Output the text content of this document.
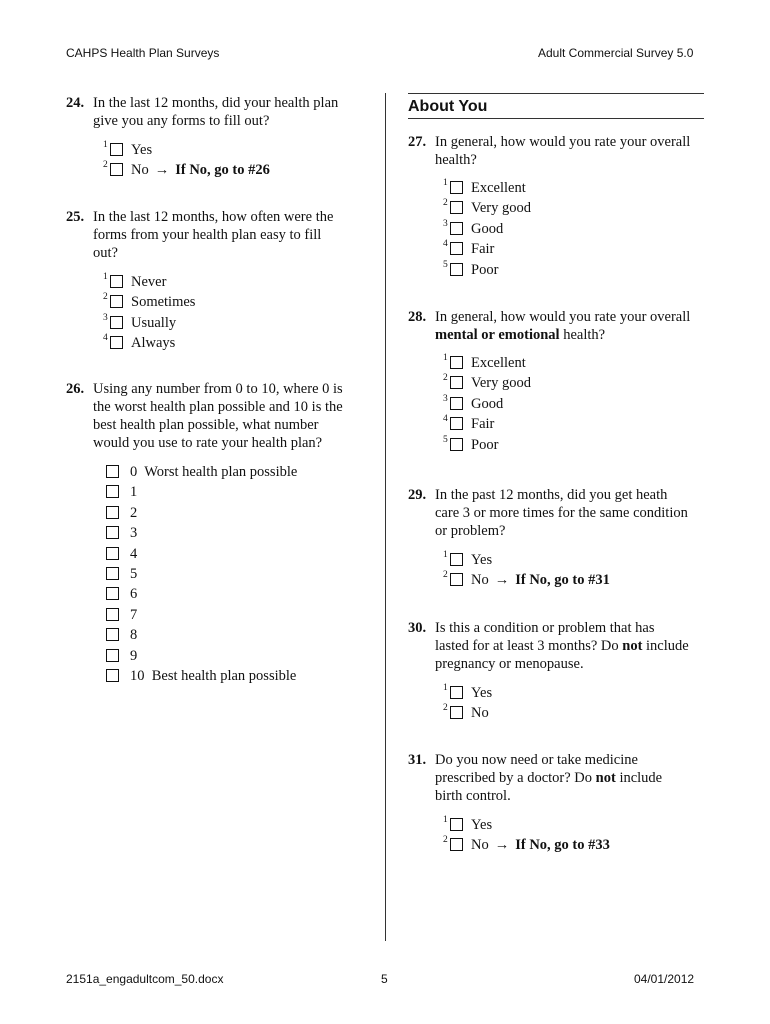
CAHPS Health Plan Surveys	Adult Commercial Survey 5.0
24. In the last 12 months, did your health plan
give you any forms to fill out?
1 Yes
2 No → If No, go to #26
25. In the last 12 months, how often were the
forms from your health plan easy to fill
out?
1 Never
2 Sometimes
3 Usually
4 Always
26. Using any number from 0 to 10, where 0 is
the worst health plan possible and 10 is the
best health plan possible, what number
would you use to rate your health plan?
0  Worst health plan possible
1
2
3
4
5
6
7
8
9
10  Best health plan possible
About You
27. In general, how would you rate your overall
health?
1 Excellent
2 Very good
3 Good
4 Fair
5 Poor
28. In general, how would you rate your overall
mental or emotional health?
1 Excellent
2 Very good
3 Good
4 Fair
5 Poor
29. In the past 12 months, did you get heath
care 3 or more times for the same condition
or problem?
1 Yes
2 No → If No, go to #31
30. Is this a condition or problem that has
lasted for at least 3 months? Do not include
pregnancy or menopause.
1 Yes
2 No
31. Do you now need or take medicine
prescribed by a doctor? Do not include
birth control.
1 Yes
2 No → If No, go to #33
2151a_engadultcom_50.docx	5	04/01/2012
